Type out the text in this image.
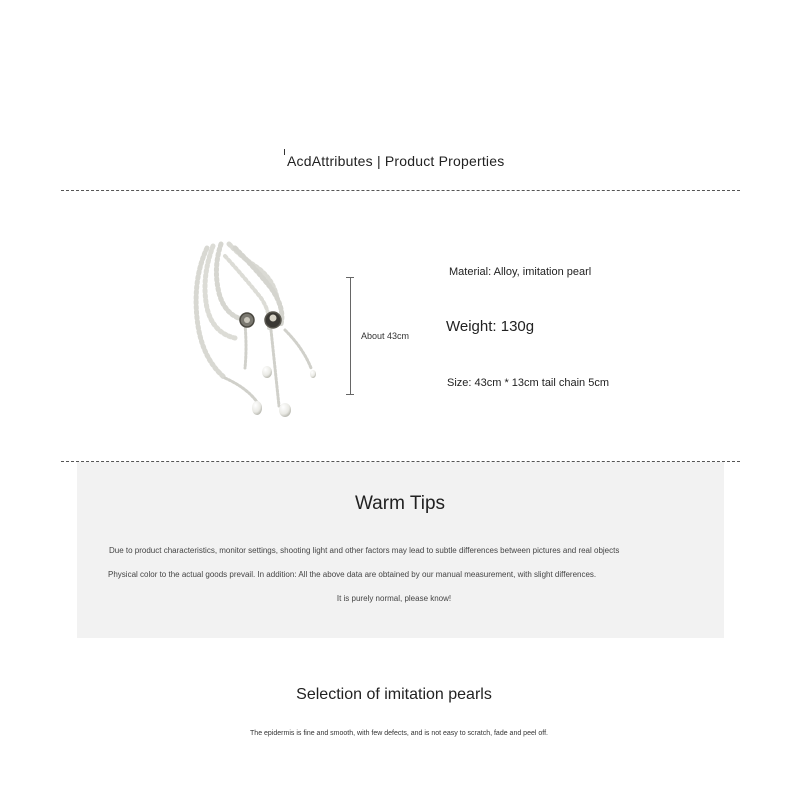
AcdAttributes | Product Properties
About 43cm
Material: Alloy, imitation pearl
Weight: 130g
Size: 43cm * 13cm tail chain 5cm
Warm Tips
Due to product characteristics, monitor settings, shooting light and other factors may lead to subtle differences between pictures and real objects
Physical color to the actual goods prevail. In addition: All the above data are obtained by our manual measurement, with slight differences.
It is purely normal, please know!
Selection of imitation pearls
The epidermis is fine and smooth, with few defects, and is not easy to scratch, fade and peel off.
